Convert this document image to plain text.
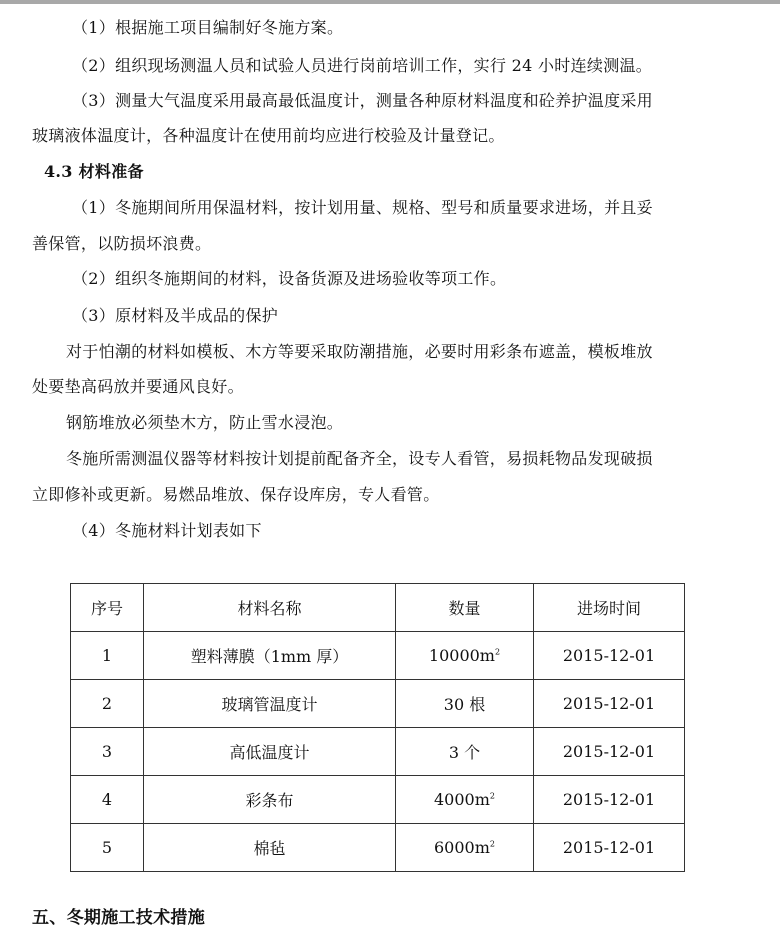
（1）根据施工项目编制好冬施方案。
（2）组织现场测温人员和试验人员进行岗前培训工作，实行 24 小时连续测温。
（3）测量大气温度采用最高最低温度计，测量各种原材料温度和砼养护温度采用
玻璃液体温度计，各种温度计在使用前均应进行校验及计量登记。
4.3 材料准备
（1）冬施期间所用保温材料，按计划用量、规格、型号和质量要求进场，并且妥
善保管，以防损坏浪费。
（2）组织冬施期间的材料，设备货源及进场验收等项工作。
（3）原材料及半成品的保护
对于怕潮的材料如模板、木方等要采取防潮措施，必要时用彩条布遮盖，模板堆放
处要垫高码放并要通风良好。
钢筋堆放必须垫木方，防止雪水浸泡。
冬施所需测温仪器等材料按计划提前配备齐全，设专人看管，易损耗物品发现破损
立即修补或更新。易燃品堆放、保存设库房，专人看管。
（4）冬施材料计划表如下
序号	材料名称	数量	进场时间
1	塑料薄膜（1mm 厚）	$10000m^2$	2015-12-01
2	玻璃管温度计	30 根	2015-12-01
3	高低温度计	3 个	2015-12-01
4	彩条布	$4000m^2$	2015-12-01
5	棉毡	$6000m^2$	2015-12-01
五、冬期施工技术措施
